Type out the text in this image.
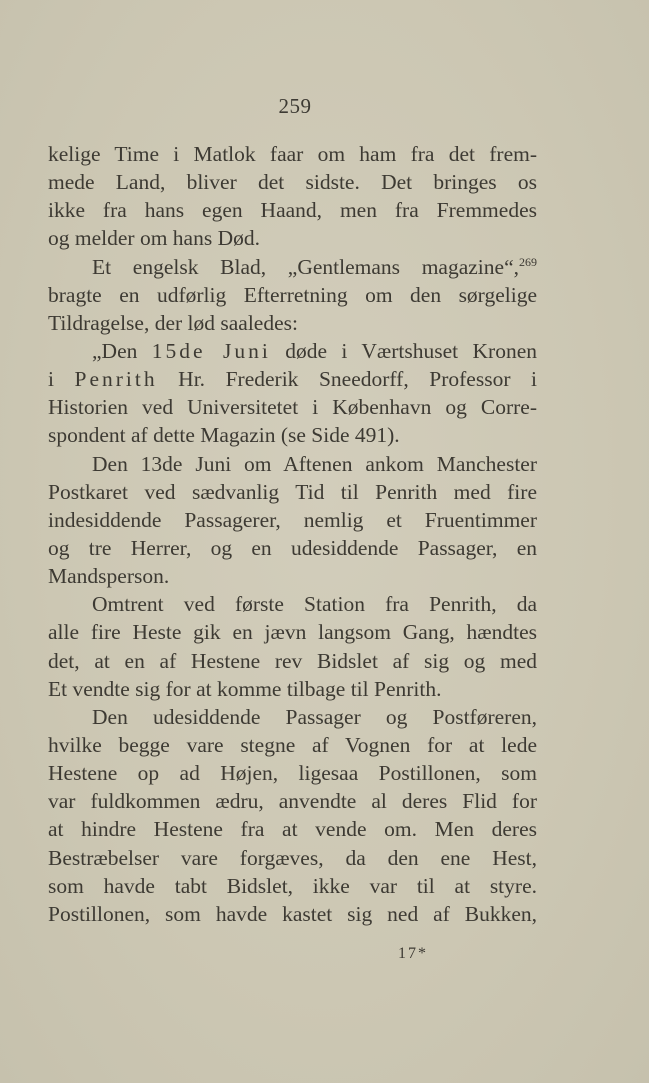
259
kelige Time i Matlok faar om ham fra det frem-
mede Land, bliver det sidste. Det bringes os
ikke fra hans egen Haand, men fra Fremmedes
og melder om hans Død.
Et engelsk Blad, „Gentlemans magazine“,$^{269}$
bragte en udførlig Efterretning om den sørgelige
Tildragelse, der lød saaledes:
„Den 15de Juni døde i Værtshuset Kronen
i Penrith Hr. Frederik Sneedorff, Professor i
Historien ved Universitetet i København og Corre-
spondent af dette Magazin (se Side 491).
Den 13de Juni om Aftenen ankom Manchester
Postkaret ved sædvanlig Tid til Penrith med fire
indesiddende Passagerer, nemlig et Fruentimmer
og tre Herrer, og en udesiddende Passager, en
Mandsperson.
Omtrent ved første Station fra Penrith, da
alle fire Heste gik en jævn langsom Gang, hændtes
det, at en af Hestene rev Bidslet af sig og med
Et vendte sig for at komme tilbage til Penrith.
Den udesiddende Passager og Postføreren,
hvilke begge vare stegne af Vognen for at lede
Hestene op ad Højen, ligesaa Postillonen, som
var fuldkommen ædru, anvendte al deres Flid for
at hindre Hestene fra at vende om. Men deres
Bestræbelser vare forgæves, da den ene Hest,
som havde tabt Bidslet, ikke var til at styre.
Postillonen, som havde kastet sig ned af Bukken,
17*
